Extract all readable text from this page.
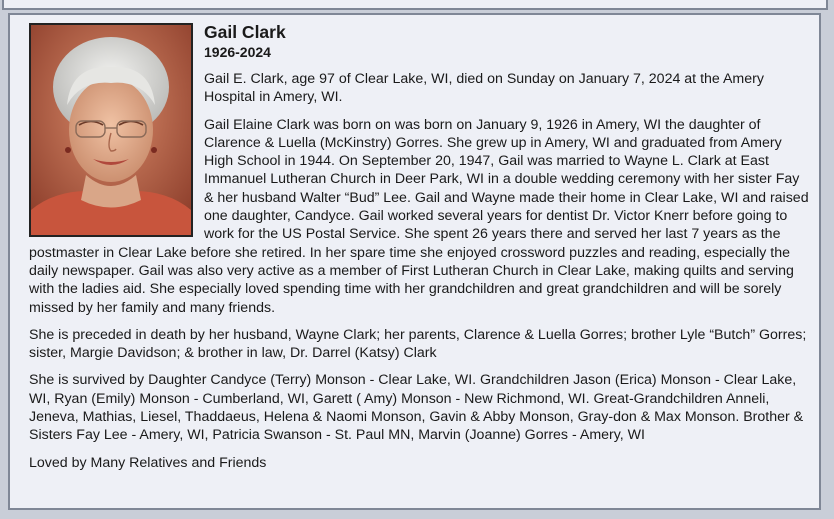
Gail Clark
1926-2024

Gail E. Clark, age 97 of Clear Lake, WI, died on Sunday on January 7, 2024 at the Amery Hospital in Amery, WI.

Gail Elaine Clark was born on was born on January 9, 1926 in Amery, WI the daughter of Clarence & Luella (McKinstry) Gorres. She grew up in Amery, WI and graduated from Amery High School in 1944. On September 20, 1947, Gail was married to Wayne L. Clark at East Immanuel Lutheran Church in Deer Park, WI in a double wedding ceremony with her sister Fay & her husband Walter “Bud” Lee. Gail and Wayne made their home in Clear Lake, WI and raised one daughter, Candyce. Gail worked several years for dentist Dr. Victor Knerr before going to work for the US Postal Service. She spent 26 years there and served her last 7 years as the postmaster in Clear Lake before she retired. In her spare time she enjoyed crossword puzzles and reading, especially the daily newspaper. Gail was also very active as a member of First Lutheran Church in Clear Lake, making quilts and serving with the ladies aid. She especially loved spending time with her grandchildren and great grandchildren and will be sorely missed by her family and many friends.

She is preceded in death by her husband, Wayne Clark; her parents, Clarence & Luella Gorres; brother Lyle “Butch” Gorres; sister, Margie Davidson; & brother in law, Dr. Darrel (Katsy) Clark

She is survived by Daughter Candyce (Terry) Monson - Clear Lake, WI. Grandchildren Jason (Erica) Monson - Clear Lake, WI, Ryan (Emily) Monson - Cumberland, WI, Garett ( Amy) Monson - New Richmond, WI. Great-Grandchildren Anneli, Jeneva, Mathias, Liesel, Thaddaeus, Helena & Naomi Monson, Gavin & Abby Monson, Gray-don & Max Monson. Brother & Sisters Fay Lee - Amery, WI, Patricia Swanson - St. Paul MN, Marvin (Joanne) Gorres - Amery, WI

Loved by Many Relatives and Friends
